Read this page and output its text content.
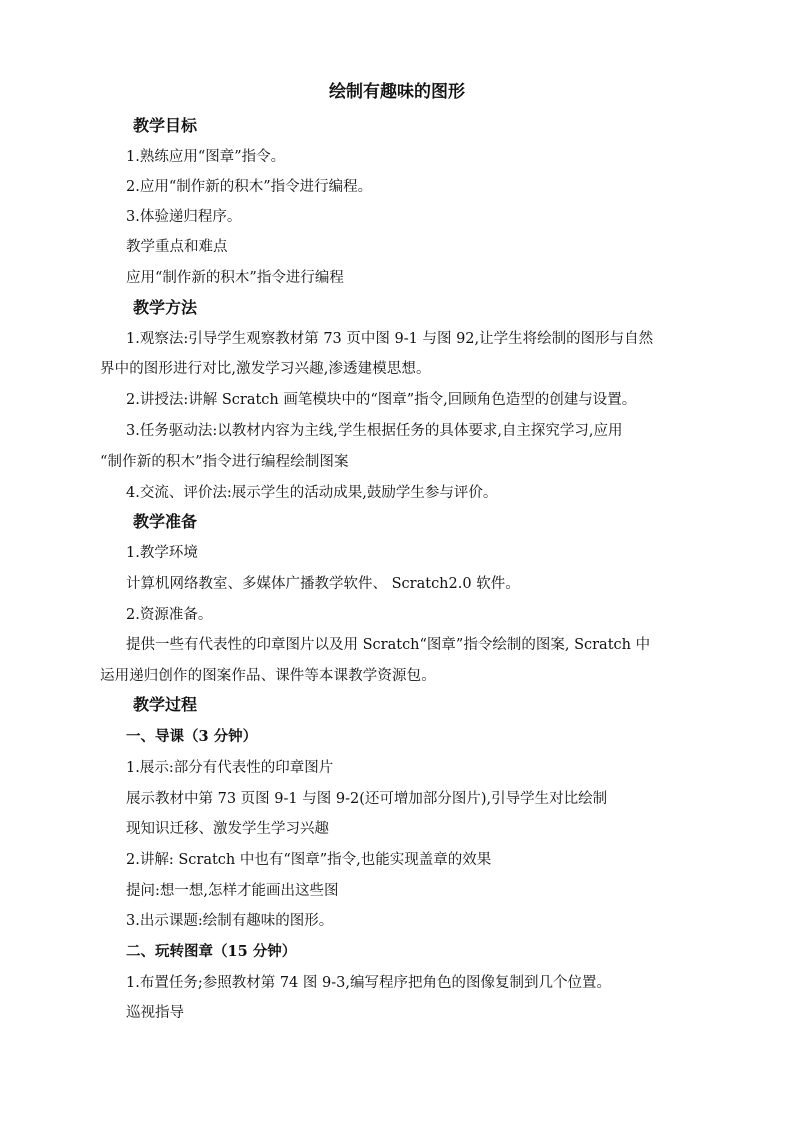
绘制有趣味的图形
教学目标
1.熟练应用“图章”指令。
2.应用“制作新的积木”指令进行编程。
3.体验递归程序。
教学重点和难点
应用“制作新的积木”指令进行编程
教学方法
1.观察法:引导学生观察教材第 73 页中图 9-1 与图 92,让学生将绘制的图形与自然
界中的图形进行对比,激发学习兴趣,渗透建模思想。
2.讲授法:讲解 Scratch 画笔模块中的“图章”指令,回顾角色造型的创建与设置。
3.任务驱动法:以教材内容为主线,学生根据任务的具体要求,自主探究学习,应用
“制作新的积木”指令进行编程绘制图案
4.交流、评价法:展示学生的活动成果,鼓励学生参与评价。
教学准备
1.教学环境
计算机网络教室、多媒体广播教学软件、 Scratch2.0 软件。
2.资源准备。
提供一些有代表性的印章图片以及用 Scratch“图章”指令绘制的图案, Scratch 中
运用递归创作的图案作品、课件等本课教学资源包。
教学过程
一、导课（3 分钟）
1.展示:部分有代表性的印章图片
展示教材中第 73 页图 9-1 与图 9-2(还可增加部分图片),引导学生对比绘制
现知识迁移、激发学生学习兴趣
2.讲解: Scratch 中也有“图章”指令,也能实现盖章的效果
提问:想一想,怎样才能画出这些图
3.出示课题:绘制有趣味的图形。
二、玩转图章（15 分钟）
1.布置任务;参照教材第 74 图 9-3,编写程序把角色的图像复制到几个位置。
巡视指导
